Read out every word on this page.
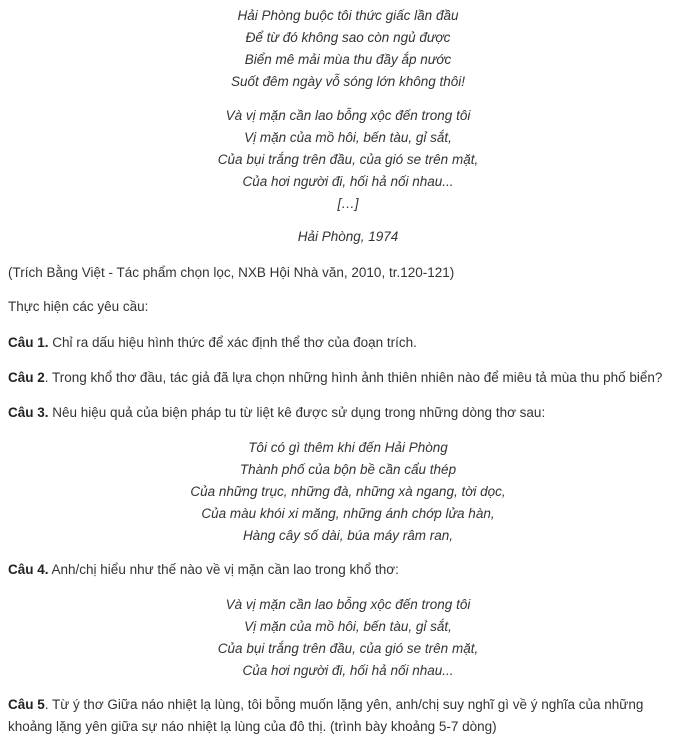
Hải Phòng buộc tôi thức giấc lần đầu
Để từ đó không sao còn ngủ được
Biển mê mải mùa thu đầy ắp nước
Suốt đêm ngày vỗ sóng lớn không thôi!
Và vị mặn cần lao bỗng xộc đến trong tôi
Vị mặn của mồ hôi, bến tàu, gỉ sắt,
Của bụi trắng trên đầu, của gió se trên mặt,
Của hơi người đi, hối hả nối nhau...
[…]
Hải Phòng, 1974
(Trích Bằng Việt - Tác phẩm chọn lọc, NXB Hội Nhà văn, 2010, tr.120-121)
Thực hiện các yêu cầu:
Câu 1. Chỉ ra dấu hiệu hình thức để xác định thể thơ của đoạn trích.
Câu 2. Trong khổ thơ đầu, tác giả đã lựa chọn những hình ảnh thiên nhiên nào để miêu tả mùa thu phố biển?
Câu 3. Nêu hiệu quả của biện pháp tu từ liệt kê được sử dụng trong những dòng thơ sau:
Tôi có gì thêm khi đến Hải Phòng
Thành phố của bộn bề cần cẩu thép
Của những trục, những đà, những xà ngang, tời dọc,
Của màu khói xi măng, những ánh chớp lửa hàn,
Hàng cây số dài, búa máy râm ran,
Câu 4. Anh/chị hiểu như thế nào về vị mặn cần lao trong khổ thơ:
Và vị mặn cần lao bỗng xộc đến trong tôi
Vị mặn của mồ hôi, bến tàu, gỉ sắt,
Của bụi trắng trên đầu, của gió se trên mặt,
Của hơi người đi, hối hả nối nhau...
Câu 5. Từ ý thơ Giữa náo nhiệt lạ lùng, tôi bỗng muốn lặng yên, anh/chị suy nghĩ gì về ý nghĩa của những khoảng lặng yên giữa sự náo nhiệt lạ lùng của đô thị. (trình bày khoảng 5-7 dòng)
